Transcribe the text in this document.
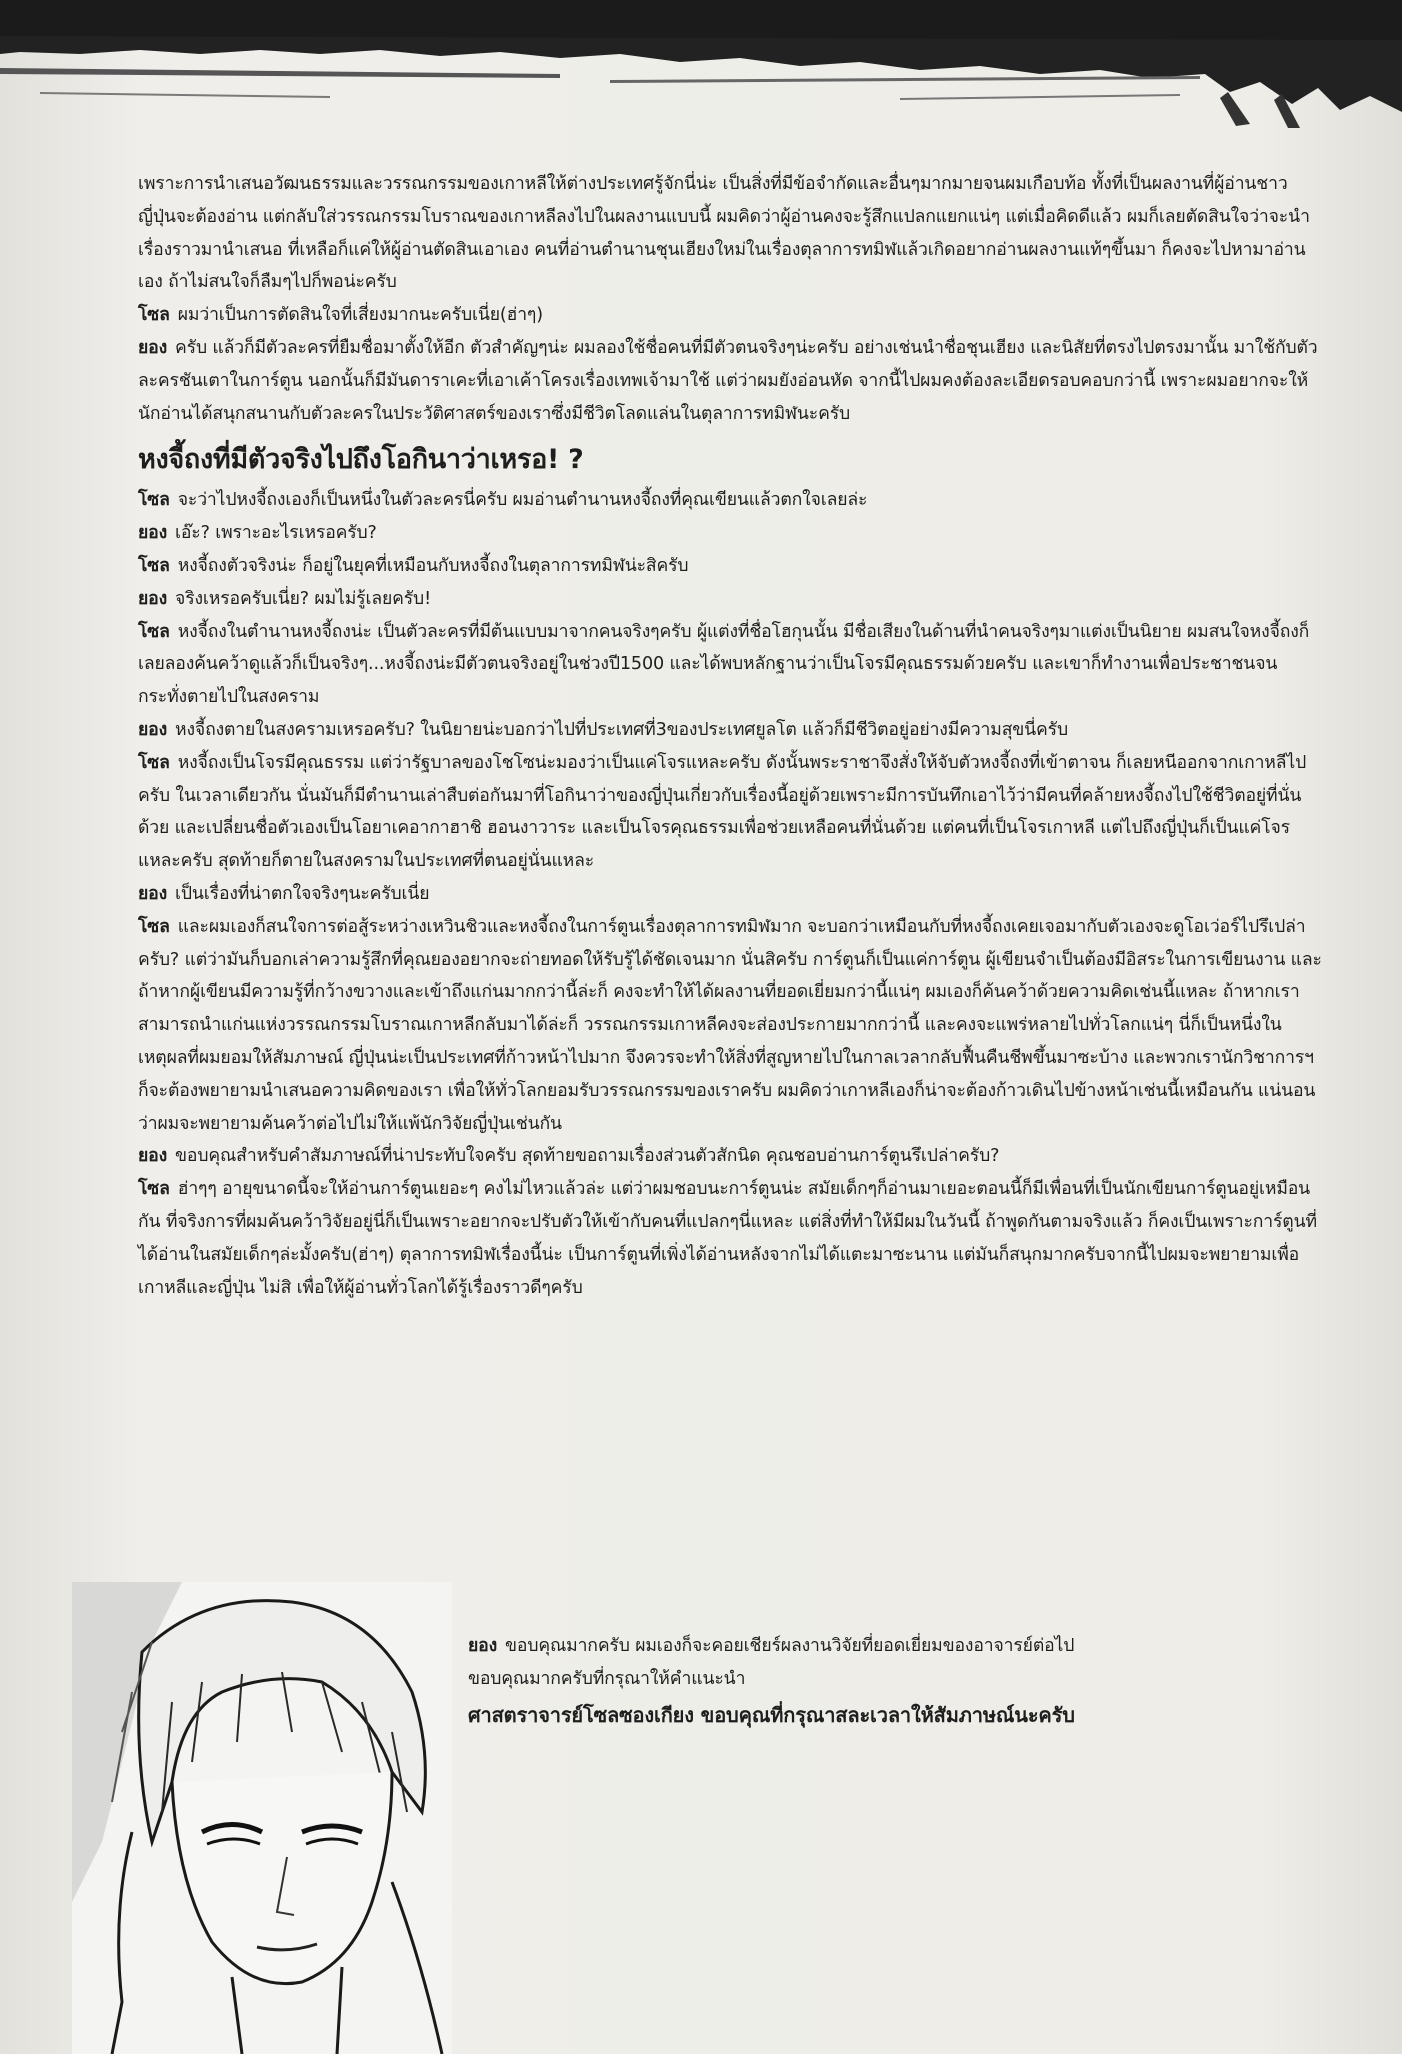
เพราะการนำเสนอวัฒนธรรมและวรรณกรรมของเกาหลีให้ต่างประเทศรู้จักนี่น่ะ เป็นสิ่งที่มีข้อจำกัดและอื่นๆมากมายจนผมเกือบท้อ ทั้งที่เป็นผลงานที่ผู้อ่านชาวญี่ปุ่นจะต้องอ่าน แต่กลับใส่วรรณกรรมโบราณของเกาหลีลงไปในผลงานแบบนี้ ผมคิดว่าผู้อ่านคงจะรู้สึกแปลกแยกแน่ๆ แต่เมื่อคิดดีแล้ว ผมก็เลยตัดสินใจว่าจะนำเรื่องราวมานำเสนอ ที่เหลือก็แค่ให้ผู้อ่านตัดสินเอาเอง คนที่อ่านตำนานชุนเฮียงใหม่ในเรื่องตุลาการทมิฬแล้วเกิดอยากอ่านผลงานแท้ๆขึ้นมา ก็คงจะไปหามาอ่านเอง ถ้าไม่สนใจก็ลืมๆไปก็พอน่ะครับ

โซล ผมว่าเป็นการตัดสินใจที่เสี่ยงมากนะครับเนี่ย(ฮ่าๆ)

ยอง ครับ แล้วก็มีตัวละครที่ยืมชื่อมาตั้งให้อีก ตัวสำคัญๆน่ะ ผมลองใช้ชื่อคนที่มีตัวตนจริงๆน่ะครับ อย่างเช่นนำชื่อชุนเฮียง และนิสัยที่ตรงไปตรงมานั้น มาใช้กับตัวละครชันเตาในการ์ตูน นอกนั้นก็มีมันดาราเคะที่เอาเค้าโครงเรื่องเทพเจ้ามาใช้ แต่ว่าผมยังอ่อนหัด จากนี้ไปผมคงต้องละเอียดรอบคอบกว่านี้ เพราะผมอยากจะให้นักอ่านได้สนุกสนานกับตัวละครในประวัติศาสตร์ของเราซึ่งมีชีวิตโลดแล่นในตุลาการทมิฬนะครับ

หงจี้ถงที่มีตัวจริงไปถึงโอกินาว่าเหรอ! ?

โซล จะว่าไปหงจี้ถงเองก็เป็นหนึ่งในตัวละครนี่ครับ ผมอ่านตำนานหงจี้ถงที่คุณเขียนแล้วตกใจเลยล่ะ

ยอง เอ๊ะ? เพราะอะไรเหรอครับ?

โซล หงจี้ถงตัวจริงน่ะ ก็อยู่ในยุคที่เหมือนกับหงจี้ถงในตุลาการทมิฬน่ะสิครับ

ยอง จริงเหรอครับเนี่ย? ผมไม่รู้เลยครับ!

โซล หงจี้ถงในตำนานหงจี้ถงน่ะ เป็นตัวละครที่มีต้นแบบมาจากคนจริงๆครับ ผู้แต่งที่ชื่อโฮกุนนั้น มีชื่อเสียงในด้านที่นำคนจริงๆมาแต่งเป็นนิยาย ผมสนใจหงจี้ถงก็เลยลองค้นคว้าดูแล้วก็เป็นจริงๆ...หงจี้ถงน่ะมีตัวตนจริงอยู่ในช่วงปี1500 และได้พบหลักฐานว่าเป็นโจรมีคุณธรรมด้วยครับ และเขาก็ทำงานเพื่อประชาชนจนกระทั่งตายไปในสงคราม

ยอง หงจี้ถงตายในสงครามเหรอครับ? ในนิยายน่ะบอกว่าไปที่ประเทศที่3ของประเทศยูลโต แล้วก็มีชีวิตอยู่อย่างมีความสุขนี่ครับ

โซล หงจี้ถงเป็นโจรมีคุณธรรม แต่ว่ารัฐบาลของโชโซน่ะมองว่าเป็นแค่โจรแหละครับ ดังนั้นพระราชาจึงสั่งให้จับตัวหงจี้ถงที่เข้าตาจน ก็เลยหนีออกจากเกาหลีไปครับ ในเวลาเดียวกัน นั่นมันก็มีตำนานเล่าสืบต่อกันมาที่โอกินาว่าของญี่ปุ่นเกี่ยวกับเรื่องนี้อยู่ด้วยเพราะมีการบันทึกเอาไว้ว่ามีคนที่คล้ายหงจี้ถงไปใช้ชีวิตอยู่ที่นั่นด้วย และเปลี่ยนชื่อตัวเองเป็นโอยาเคอากาฮาชิ ฮอนงาวาระ และเป็นโจรคุณธรรมเพื่อช่วยเหลือคนที่นั่นด้วย แต่คนที่เป็นโจรเกาหลี แต่ไปถึงญี่ปุ่นก็เป็นแค่โจรแหละครับ สุดท้ายก็ตายในสงครามในประเทศที่ตนอยู่นั่นแหละ

ยอง เป็นเรื่องที่น่าตกใจจริงๆนะครับเนี่ย

โซล และผมเองก็สนใจการต่อสู้ระหว่างเหวินชิวและหงจี้ถงในการ์ตูนเรื่องตุลาการทมิฬมาก จะบอกว่าเหมือนกับที่หงจี้ถงเคยเจอมากับตัวเองจะดูโอเว่อร์ไปรึเปล่าครับ? แต่ว่ามันก็บอกเล่าความรู้สึกที่คุณยองอยากจะถ่ายทอดให้รับรู้ได้ชัดเจนมาก นั่นสิครับ การ์ตูนก็เป็นแค่การ์ตูน ผู้เขียนจำเป็นต้องมีอิสระในการเขียนงาน และถ้าหากผู้เขียนมีความรู้ที่กว้างขวางและเข้าถึงแก่นมากกว่านี้ล่ะก็ คงจะทำให้ได้ผลงานที่ยอดเยี่ยมกว่านี้แน่ๆ ผมเองก็ค้นคว้าด้วยความคิดเช่นนี้แหละ ถ้าหากเราสามารถนำแก่นแห่งวรรณกรรมโบราณเกาหลีกลับมาได้ล่ะก็ วรรณกรรมเกาหลีคงจะส่องประกายมากกว่านี้ และคงจะแพร่หลายไปทั่วโลกแน่ๆ นี่ก็เป็นหนึ่งในเหตุผลที่ผมยอมให้สัมภาษณ์ ญี่ปุ่นน่ะเป็นประเทศที่ก้าวหน้าไปมาก จึงควรจะทำให้สิ่งที่สูญหายไปในกาลเวลากลับฟื้นคืนชีพขึ้นมาซะบ้าง และพวกเรานักวิชาการฯก็จะต้องพยายามนำเสนอความคิดของเรา เพื่อให้ทั่วโลกยอมรับวรรณกรรมของเราครับ ผมคิดว่าเกาหลีเองก็น่าจะต้องก้าวเดินไปข้างหน้าเช่นนี้เหมือนกัน แน่นอนว่าผมจะพยายามค้นคว้าต่อไปไม่ให้แพ้นักวิจัยญี่ปุ่นเช่นกัน

ยอง ขอบคุณสำหรับคำสัมภาษณ์ที่น่าประทับใจครับ สุดท้ายขอถามเรื่องส่วนตัวสักนิด คุณชอบอ่านการ์ตูนรึเปล่าครับ?

โซล ฮ่าๆๆ อายุขนาดนี้จะให้อ่านการ์ตูนเยอะๆ คงไม่ไหวแล้วล่ะ แต่ว่าผมชอบนะการ์ตูนน่ะ สมัยเด็กๆก็อ่านมาเยอะตอนนี้ก็มีเพื่อนที่เป็นนักเขียนการ์ตูนอยู่เหมือนกัน ที่จริงการที่ผมค้นคว้าวิจัยอยู่นี่ก็เป็นเพราะอยากจะปรับตัวให้เข้ากับคนที่แปลกๆนี่แหละ แต่สิ่งที่ทำให้มีผมในวันนี้ ถ้าพูดกันตามจริงแล้ว ก็คงเป็นเพราะการ์ตูนที่ได้อ่านในสมัยเด็กๆล่ะมั้งครับ(ฮ่าๆ) ตุลาการทมิฬเรื่องนี้น่ะ เป็นการ์ตูนที่เพิ่งได้อ่านหลังจากไม่ได้แตะมาซะนาน แต่มันก็สนุกมากครับจากนี้ไปผมจะพยายามเพื่อเกาหลีและญี่ปุ่น ไม่สิ เพื่อให้ผู้อ่านทั่วโลกได้รู้เรื่องราวดีๆครับ

ยอง ขอบคุณมากครับ ผมเองก็จะคอยเชียร์ผลงานวิจัยที่ยอดเยี่ยมของอาจารย์ต่อไป

ขอบคุณมากครับที่กรุณาให้คำแนะนำ

ศาสตราจารย์โซลซองเกียง ขอบคุณที่กรุณาสละเวลาให้สัมภาษณ์นะครับ
